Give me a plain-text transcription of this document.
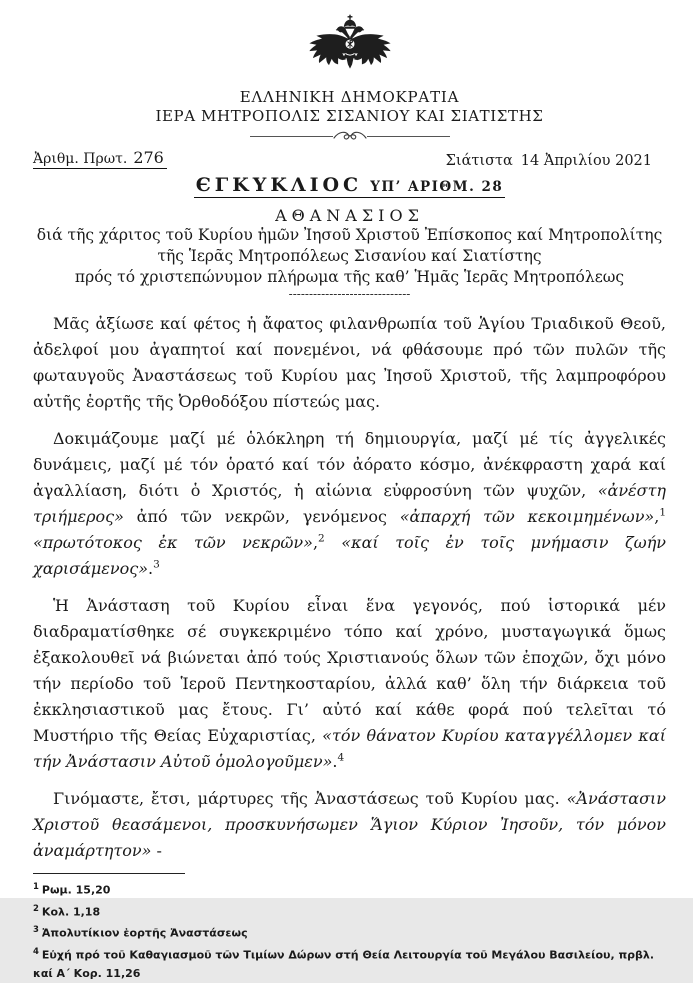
ΕΛΛΗΝΙΚΗ ΔΗΜΟΚΡΑΤΙΑ
ΙΕΡΑ ΜΗΤΡΟΠΟΛΙΣ ΣΙΣΑΝΙΟΥ ΚΑΙ ΣΙΑΤΙΣΤΗΣ
Ἀριθμ. Πρωτ. 276	Σιάτιστα 14 Ἀπριλίου 2021
ЄΓΚΥΚΛΙΟϹ ΥΠ’ ΑΡΙΘΜ. 28
ΑΘΑΝΑΣΙΟΣ
διά τῆς χάριτος τοῦ Κυρίου ἡμῶν Ἰησοῦ Χριστοῦ Ἐπίσκοπος καί Μητροπολίτης
τῆς Ἱερᾶς Μητροπόλεως Σισανίου καί Σιατίστης
πρός τό χριστεπώνυμον πλήρωμα τῆς καθ’ Ἡμᾶς Ἱερᾶς Μητροπόλεως
------------------------------

Μᾶς ἀξίωσε καί φέτος ἡ ἄφατος φιλανθρωπία τοῦ Ἁγίου Τριαδικοῦ Θεοῦ, ἀδελφοί μου ἀγαπητοί καί πονεμένοι, νά φθάσουμε πρό τῶν πυλῶν τῆς φωταυγοῦς Ἀναστάσεως τοῦ Κυρίου μας Ἰησοῦ Χριστοῦ, τῆς λαμπροφόρου αὐτῆς ἑορτῆς τῆς Ὀρθοδόξου πίστεώς μας.

Δοκιμάζουμε μαζί μέ ὁλόκληρη τή δημιουργία, μαζί μέ τίς ἀγγελικές δυνάμεις, μαζί μέ τόν ὁρατό καί τόν ἀόρατο κόσμο, ἀνέκφραστη χαρά καί ἀγαλλίαση, διότι ὁ Χριστός, ἡ αἰώνια εὐφροσύνη τῶν ψυχῶν, «ἀνέστη τριήμερος» ἀπό τῶν νεκρῶν, γενόμενος «ἀπαρχή τῶν κεκοιμημένων»,$^1$ «πρωτότοκος ἐκ τῶν νεκρῶν»,$^2$ «καί τοῖς ἐν τοῖς μνήμασιν ζωήν χαρισάμενος».$^3$

Ἡ Ἀνάσταση τοῦ Κυρίου εἶναι ἕνα γεγονός, πού ἱστορικά μέν διαδραματίσθηκε σέ συγκεκριμένο τόπο καί χρόνο, μυσταγωγικά ὅμως ἐξακολουθεῖ νά βιώνεται ἀπό τούς Χριστιανούς ὅλων τῶν ἐποχῶν, ὄχι μόνο τήν περίοδο τοῦ Ἱεροῦ Πεντηκοσταρίου, ἀλλά καθ’ ὅλη τήν διάρκεια τοῦ ἐκκλησιαστικοῦ μας ἔτους. Γι’ αὐτό καί κάθε φορά πού τελεῖται τό Μυστήριο τῆς Θείας Εὐχαριστίας, «τόν θάνατον Κυρίου καταγγέλλομεν καί τήν Ἀνάστασιν Αὐτοῦ ὁμολογοῦμεν».$^4$

Γινόμαστε, ἔτσι, μάρτυρες τῆς Ἀναστάσεως τοῦ Κυρίου μας. «Ἀνάστασιν Χριστοῦ θεασάμενοι, προσκυνήσωμεν Ἅγιον Κύριον Ἰησοῦν, τόν μόνον ἀναμάρτητον» -

$^1$ Ρωμ. 15,20
$^2$ Κολ. 1,18
$^3$ Ἀπολυτίκιον ἑορτῆς Ἀναστάσεως
$^4$ Εὐχή πρό τοῦ Καθαγιασμοῦ τῶν Τιμίων Δώρων στή Θεία Λειτουργία τοῦ Μεγάλου Βασιλείου, πρβλ. καί Α΄ Κορ. 11,26
